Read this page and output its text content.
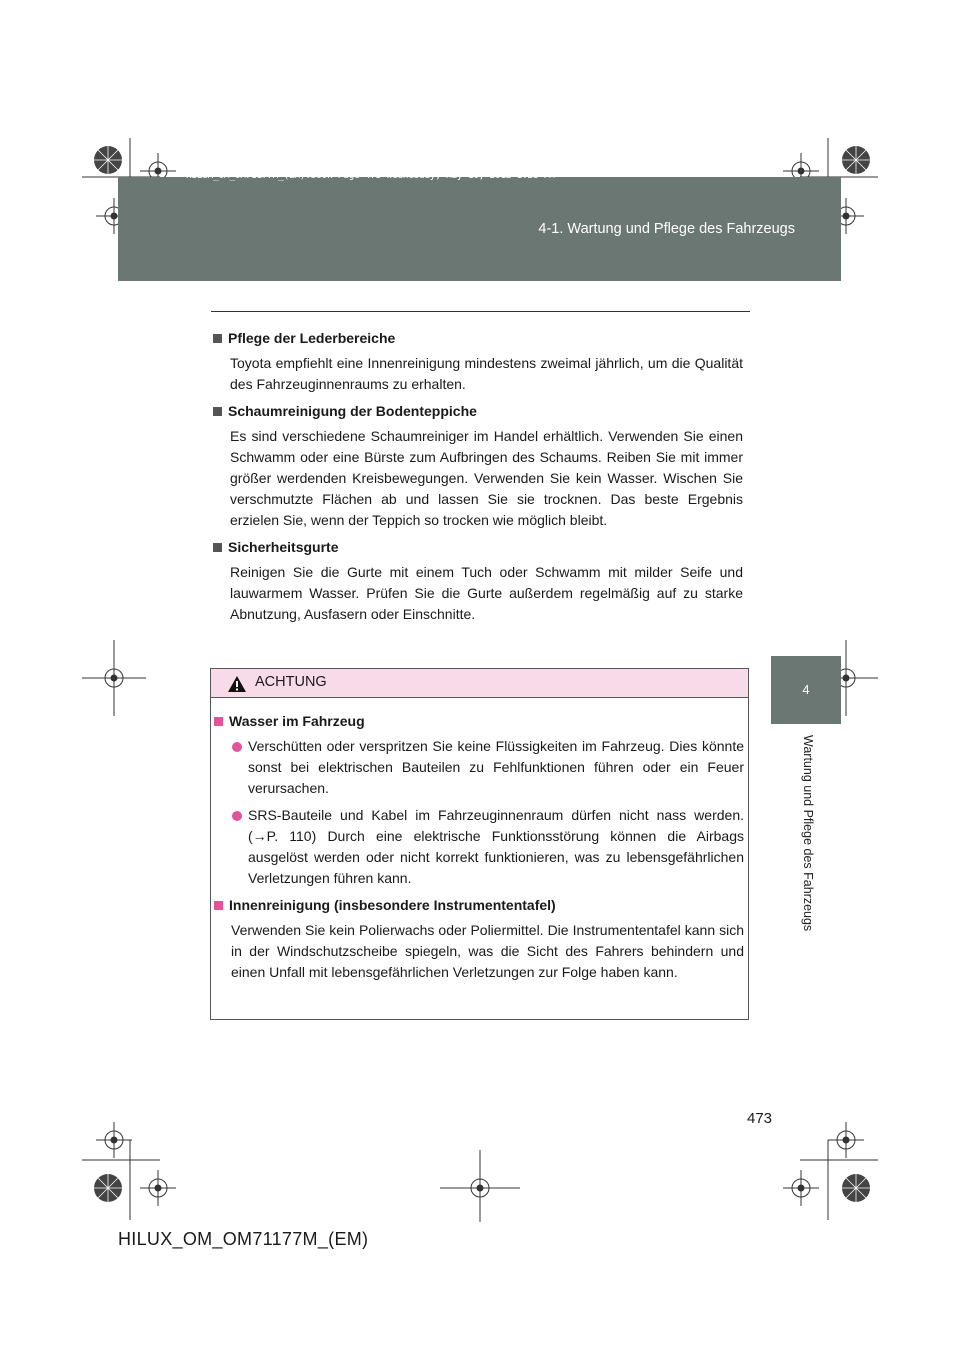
4-1. Wartung und Pflege des Fahrzeugs
HILUX_OM_OM71177M_(EM).book Page 473 Wednesday, May 16, 2012 1:28 PM
4
Wartung und Pflege des Fahrzeugs

Pflege der Lederbereiche

Toyota empfiehlt eine Innenreinigung mindestens zweimal jährlich, um die Qualität des Fahrzeuginnenraums zu erhalten.

Schaumreinigung der Bodenteppiche

Es sind verschiedene Schaumreiniger im Handel erhältlich. Verwenden Sie einen Schwamm oder eine Bürste zum Aufbringen des Schaums. Reiben Sie mit immer größer werdenden Kreisbewegungen. Verwenden Sie kein Wasser. Wischen Sie verschmutzte Flächen ab und lassen Sie sie trocknen. Das beste Ergebnis erzielen Sie, wenn der Teppich so trocken wie möglich bleibt.

Sicherheitsgurte

Reinigen Sie die Gurte mit einem Tuch oder Schwamm mit milder Seife und lauwarmem Wasser. Prüfen Sie die Gurte außerdem regelmäßig auf zu starke Abnutzung, Ausfasern oder Einschnitte.

ACHTUNG

Wasser im Fahrzeug

Verschütten oder verspritzen Sie keine Flüssigkeiten im Fahrzeug. Dies könnte sonst bei elektrischen Bauteilen zu Fehlfunktionen führen oder ein Feuer verursachen.
SRS-Bauteile und Kabel im Fahrzeuginnenraum dürfen nicht nass werden. (→P. 110) Durch eine elektrische Funktionsstörung können die Airbags ausgelöst werden oder nicht korrekt funktionieren, was zu lebensgefährlichen Verletzungen führen kann.

Innenreinigung (insbesondere Instrumententafel)

Verwenden Sie kein Polierwachs oder Poliermittel. Die Instrumententafel kann sich in der Windschutzscheibe spiegeln, was die Sicht des Fahrers behindern und einen Unfall mit lebensgefährlichen Verletzungen zur Folge haben kann.

473
HILUX_OM_OM71177M_(EM)
